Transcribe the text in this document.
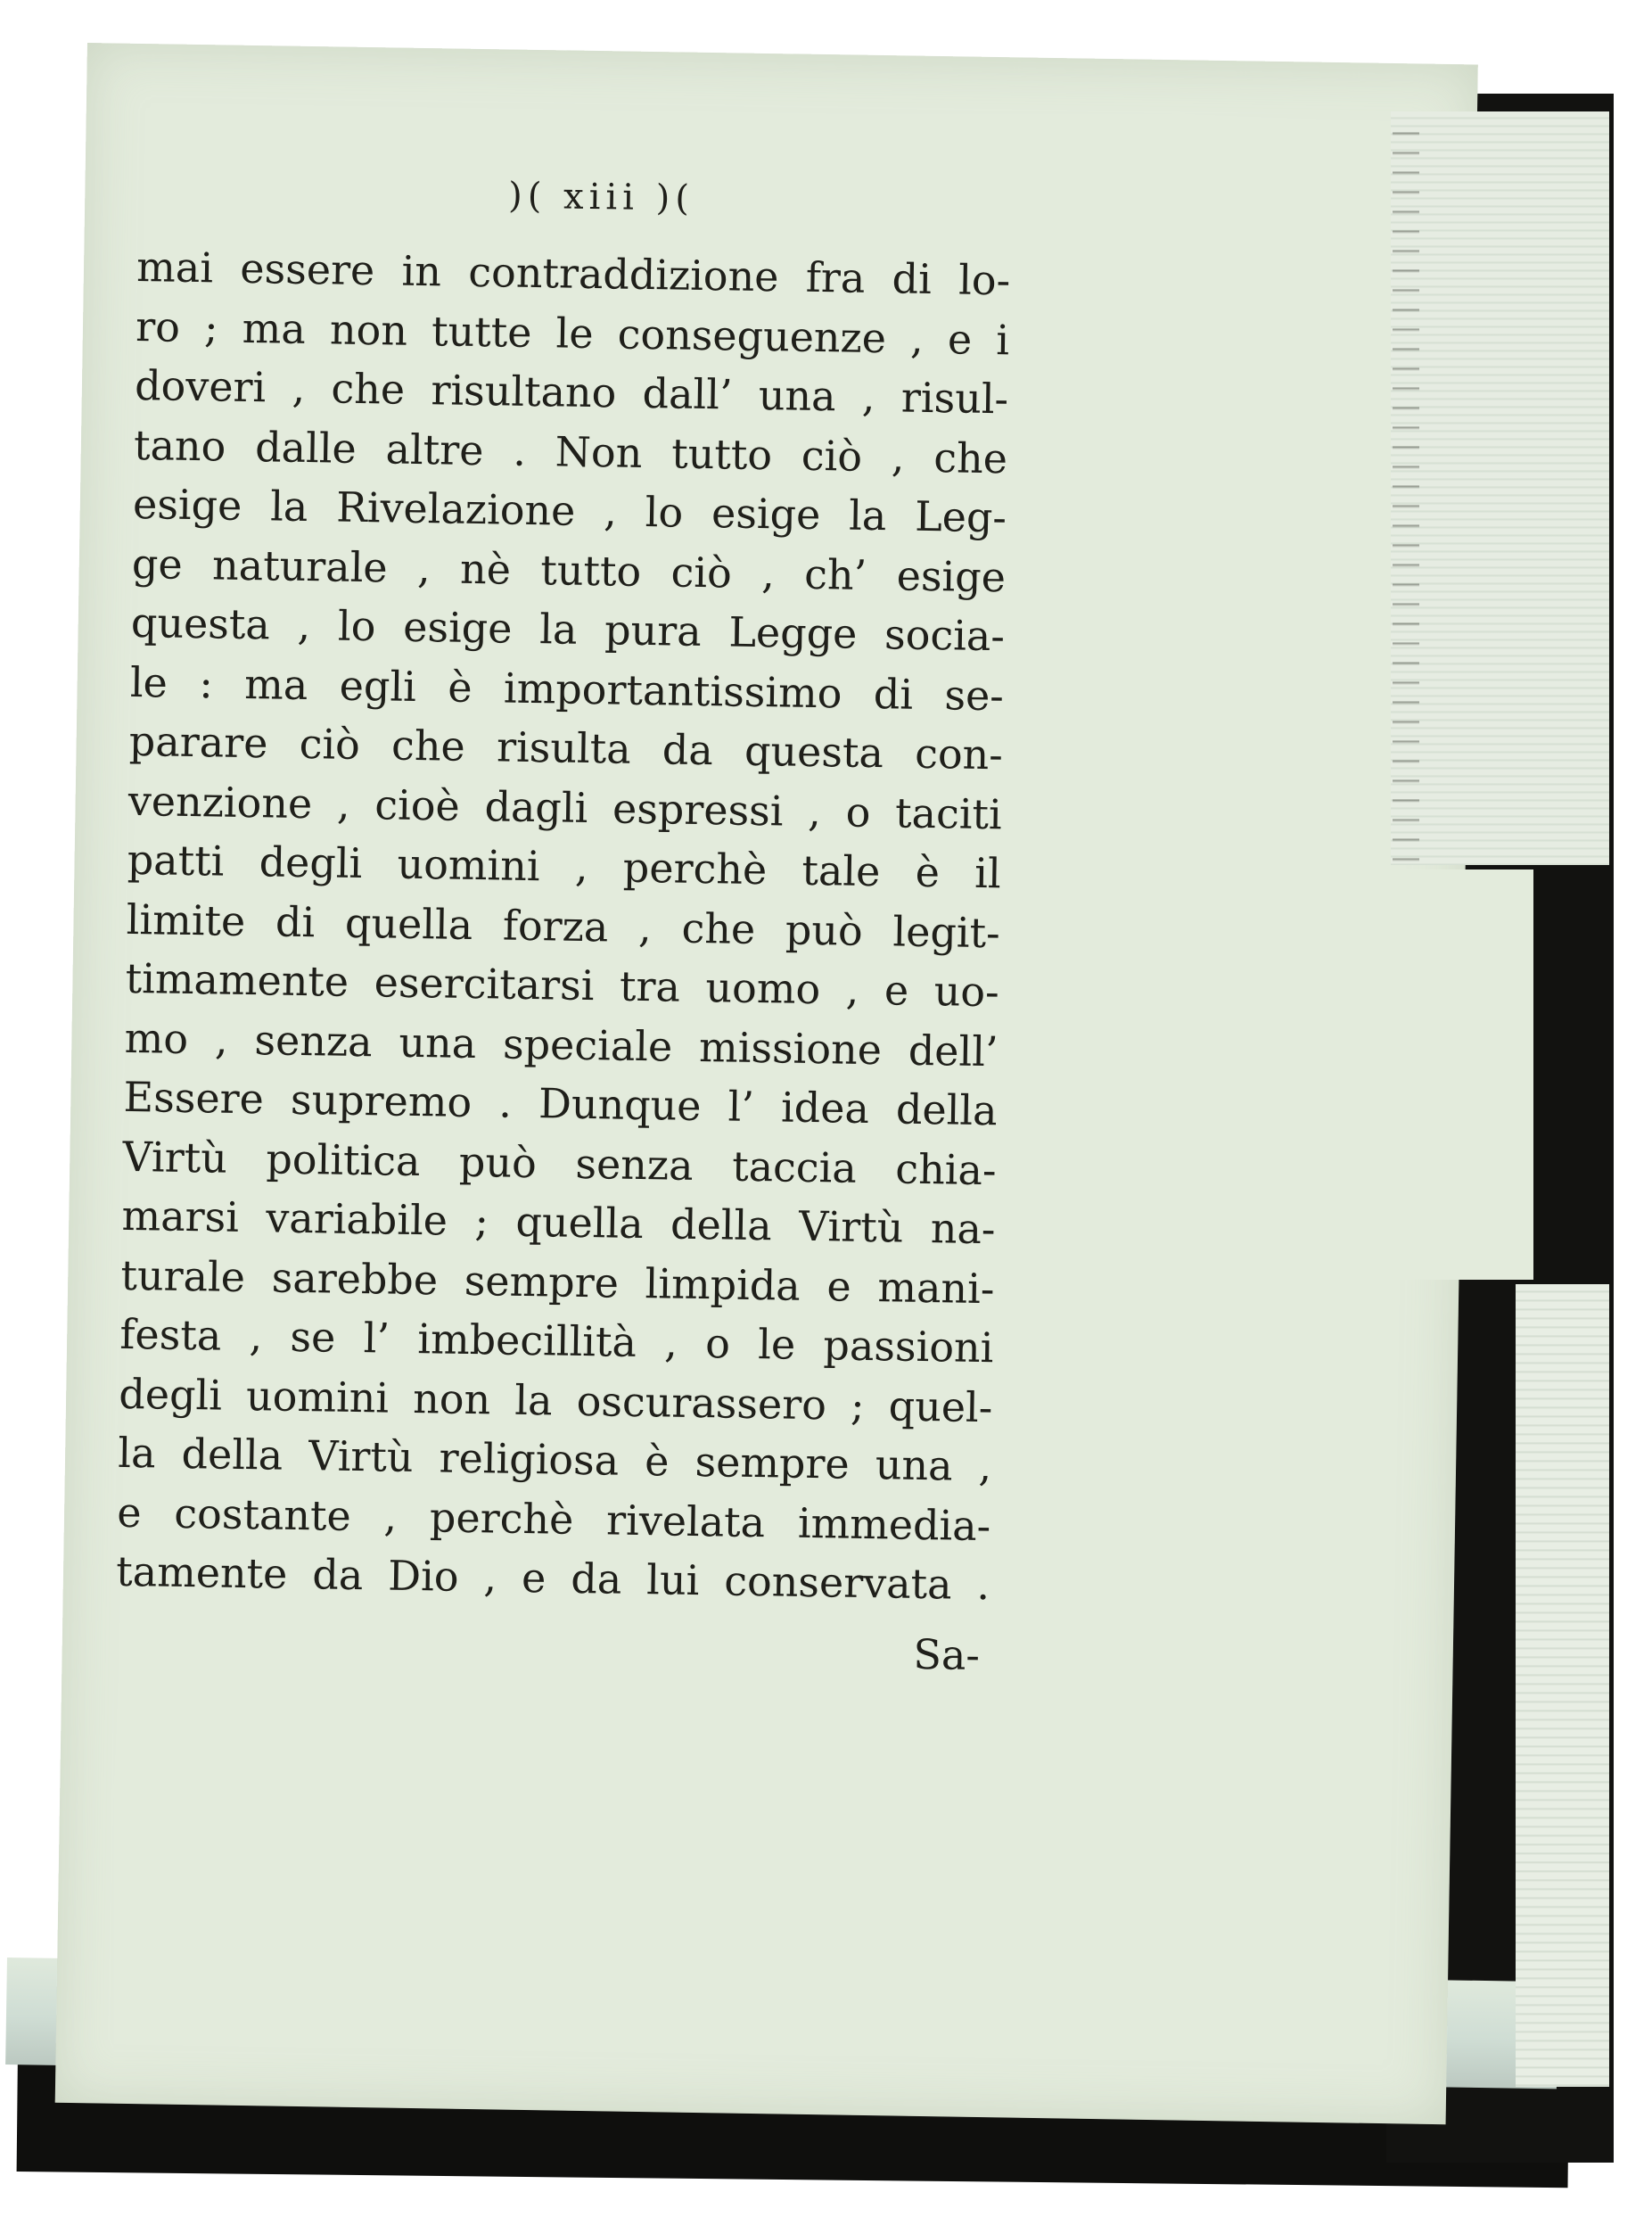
)( xiii )(
mai essere in contraddizione fra di lo-
ro ; ma non tutte le conseguenze , e i
doveri , che risultano dall’ una , risul-
tano dalle altre . Non tutto ciò , che
esige la Rivelazione , lo esige la Leg-
ge naturale , nè tutto ciò , ch’ esige
questa , lo esige la pura Legge socia-
le : ma egli è importantissimo di se-
parare ciò che risulta da questa con-
venzione , cioè dagli espressi , o taciti
patti degli uomini , perchè tale è il
limite di quella forza , che può legit-
timamente esercitarsi tra uomo , e uo-
mo , senza una speciale missione dell’
Essere supremo . Dunque l’ idea della
Virtù politica può senza taccia chia-
marsi variabile ; quella della Virtù na-
turale sarebbe sempre limpida e mani-
festa , se l’ imbecillità , o le passioni
degli uomini non la oscurassero ; quel-
la della Virtù religiosa è sempre una ,
e costante , perchè rivelata immedia-
tamente da Dio , e da lui conservata .
Sa-
